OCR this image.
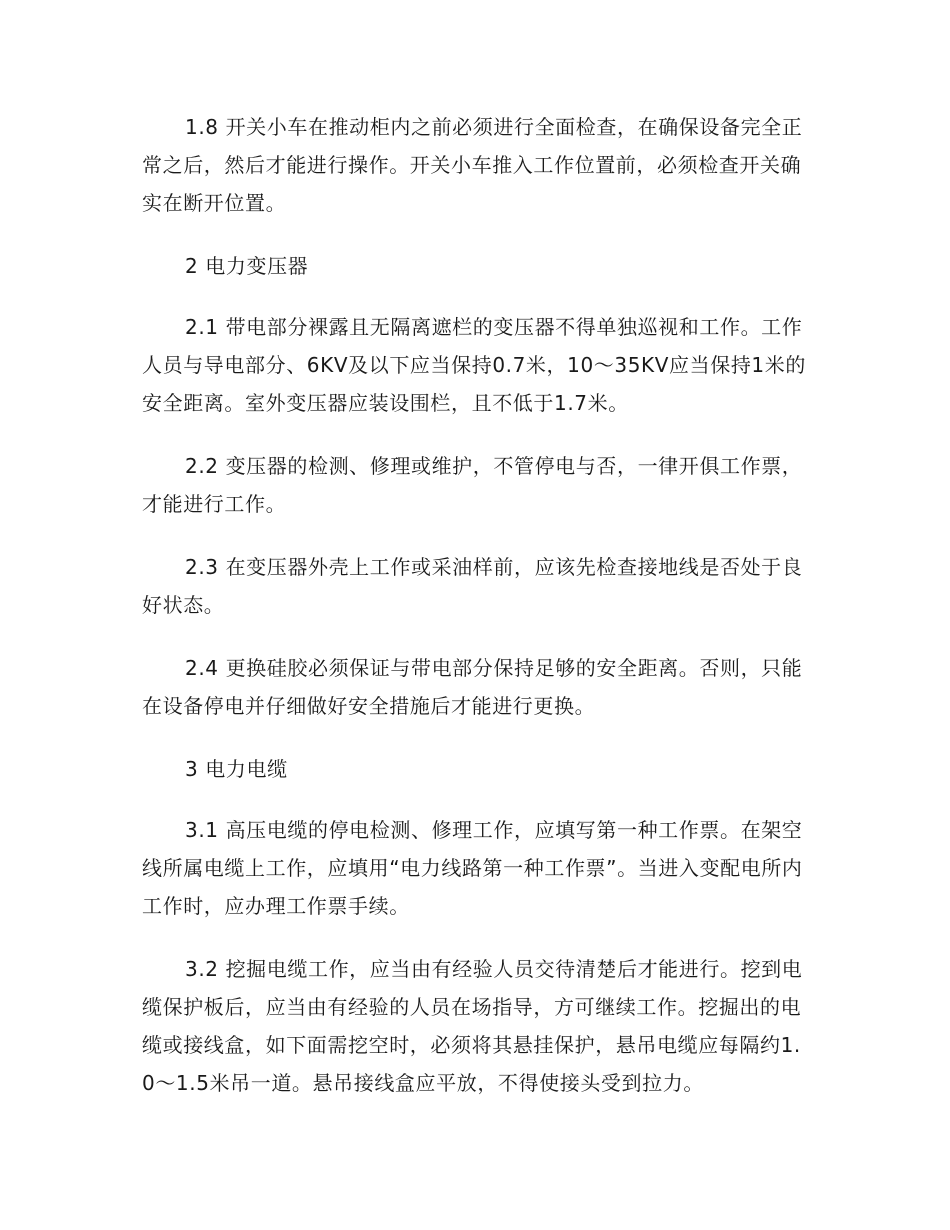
1.8 开关小车在推动柜内之前必须进行全面检查，在确保设备完全正常之后，然后才能进行操作。开关小车推入工作位置前，必须检查开关确实在断开位置。

2 电力变压器

2.1 带电部分裸露且无隔离遮栏的变压器不得单独巡视和工作。工作人员与导电部分、6KV及以下应当保持0.7米，10～35KV应当保持1米的安全距离。室外变压器应装设围栏，且不低于1.7米。

2.2 变压器的检测、修理或维护，不管停电与否，一律开俱工作票，才能进行工作。

2.3 在变压器外壳上工作或采油样前，应该先检查接地线是否处于良好状态。

2.4 更换硅胶必须保证与带电部分保持足够的安全距离。否则，只能在设备停电并仔细做好安全措施后才能进行更换。

3 电力电缆

3.1 高压电缆的停电检测、修理工作，应填写第一种工作票。在架空线所属电缆上工作，应填用“电力线路第一种工作票”。当进入变配电所内工作时，应办理工作票手续。

3.2 挖掘电缆工作，应当由有经验人员交待清楚后才能进行。挖到电缆保护板后，应当由有经验的人员在场指导，方可继续工作。挖掘出的电缆或接线盒，如下面需挖空时，必须将其悬挂保护，悬吊电缆应每隔约1.0～1.5米吊一道。悬吊接线盒应平放，不得使接头受到拉力。
